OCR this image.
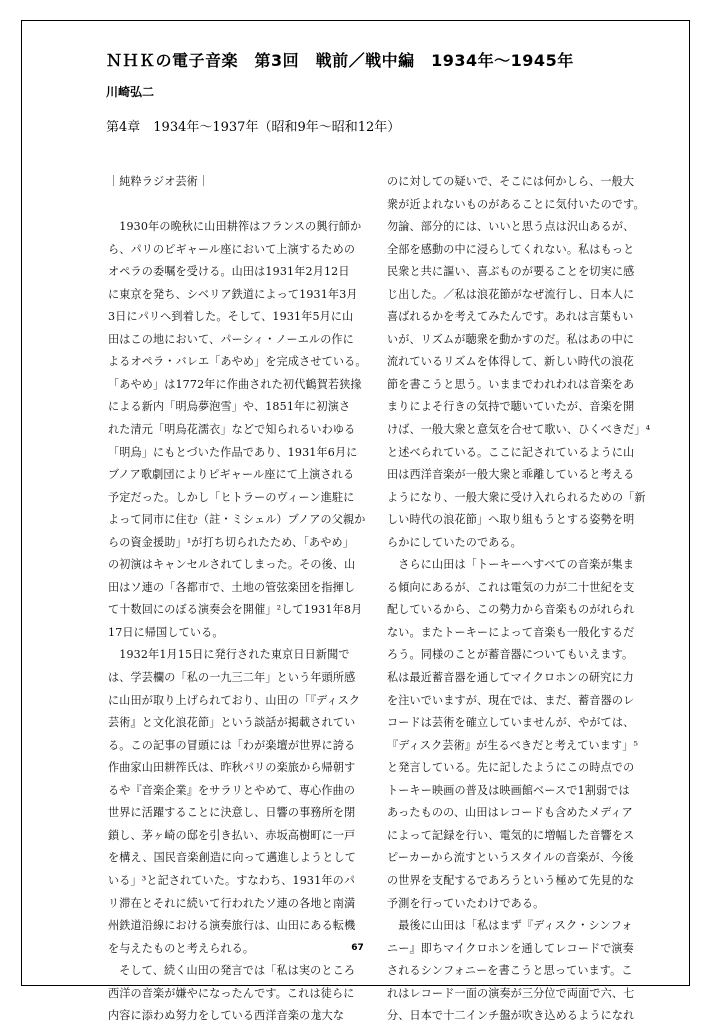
ＮＨＫの電子音楽　第3回　戦前／戦中編　1934年〜1945年
川崎弘二
第4章　1934年〜1937年（昭和9年〜昭和12年）
｜純粋ラジオ芸術｜
　1930年の晩秋に山田耕筰はフランスの興行師か
ら、パリのピギャール座において上演するための
オペラの委嘱を受ける。山田は1931年2月12日
に東京を発ち、シベリア鉄道によって1931年3月
3日にパリへ到着した。そして、1931年5月に山
田はこの地において、パーシィ・ノーエルの作に
よるオペラ・バレエ「あやめ」を完成させている。
「あやめ」は1772年に作曲された初代鶴賀若狭掾
による新内「明烏夢泡雪」や、1851年に初演さ
れた清元「明烏花濡衣」などで知られるいわゆる
「明烏」にもとづいた作品であり、1931年6月に
ブノア歌劇団によりピギャール座にて上演される
予定だった。しかし「ヒトラーのヴィーン進駐に
よって同市に住む（註・ミシェル）ブノアの父親か
らの資金援助」¹が打ち切られたため、「あやめ」
の初演はキャンセルされてしまった。その後、山
田はソ連の「各都市で、土地の管弦楽団を指揮し
て十数回にのぼる演奏会を開催」²して1931年8月
17日に帰国している。
　1932年1月15日に発行された東京日日新聞で
は、学芸欄の「私の一九三二年」という年頭所感
に山田が取り上げられており、山田の「『ディスク
芸術』と文化浪花節」という談話が掲載されてい
る。この記事の冒頭には「わが楽壇が世界に誇る
作曲家山田耕筰氏は、昨秋パリの楽旅から帰朝す
るや『音楽企業』をサラリとやめて、専心作曲の
世界に活躍することに決意し、日響の事務所を閉
鎖し、茅ヶ崎の邸を引き払い、赤坂高樹町に一戸
を構え、国民音楽創造に向って邁進しようとして
いる」³と記されていた。すなわち、1931年のパ
リ滞在とそれに続いて行われたソ連の各地と南満
州鉄道沿線における演奏旅行は、山田にある転機
を与えたものと考えられる。
　そして、続く山田の発言では「私は実のところ
西洋の音楽が嫌やになったんです。これは徒らに
内容に添わぬ努力をしている西洋音楽の尨大な
のに対しての疑いで、そこには何かしら、一般大
衆が近よれないものがあることに気付いたのです。
勿論、部分的には、いいと思う点は沢山あるが、
全部を感動の中に浸らしてくれない。私はもっと
民衆と共に謳い、喜ぶものが要ることを切実に感
じ出した。／私は浪花節がなぜ流行し、日本人に
喜ばれるかを考えてみたんです。あれは言葉もい
いが、リズムが聴衆を動かすのだ。私はあの中に
流れているリズムを体得して、新しい時代の浪花
節を書こうと思う。いままでわれわれは音楽をあ
まりによそ行きの気持で聴いていたが、音楽を開
けば、一般大衆と意気を合せて歌い、ひくべきだ」⁴
と述べられている。ここに記されているように山
田は西洋音楽が一般大衆と乖離していると考える
ようになり、一般大衆に受け入れられるための「新
しい時代の浪花節」へ取り組もうとする姿勢を明
らかにしていたのである。
　さらに山田は「トーキーへすべての音楽が集ま
る傾向にあるが、これは電気の力が二十世紀を支
配しているから、この勢力から音楽ものがれられ
ない。またトーキーによって音楽も一般化するだ
ろう。同様のことが蓄音器についてもいえます。
私は最近蓄音器を通してマイクロホンの研究に力
を注いでいますが、現在では、まだ、蓄音器のレ
コードは芸術を確立していませんが、やがては、
『ディスク芸術』が生るべきだと考えています」⁵
と発言している。先に記したようにこの時点での
トーキー映画の普及は映画館ベースで1割弱では
あったものの、山田はレコードも含めたメディア
によって記録を行い、電気的に増幅した音響をス
ピーカーから流すというスタイルの音楽が、今後
の世界を支配するであろうという極めて先見的な
予測を行っていたわけである。
　最後に山田は「私はまず『ディスク・シンフォ
ニー』即ちマイクロホンを通してレコードで演奏
されるシンフォニーを書こうと思っています。こ
れはレコード一面の演奏が三分位で両面で六、七
分、日本で十二インチ盤が吹き込めるようになれ
67
